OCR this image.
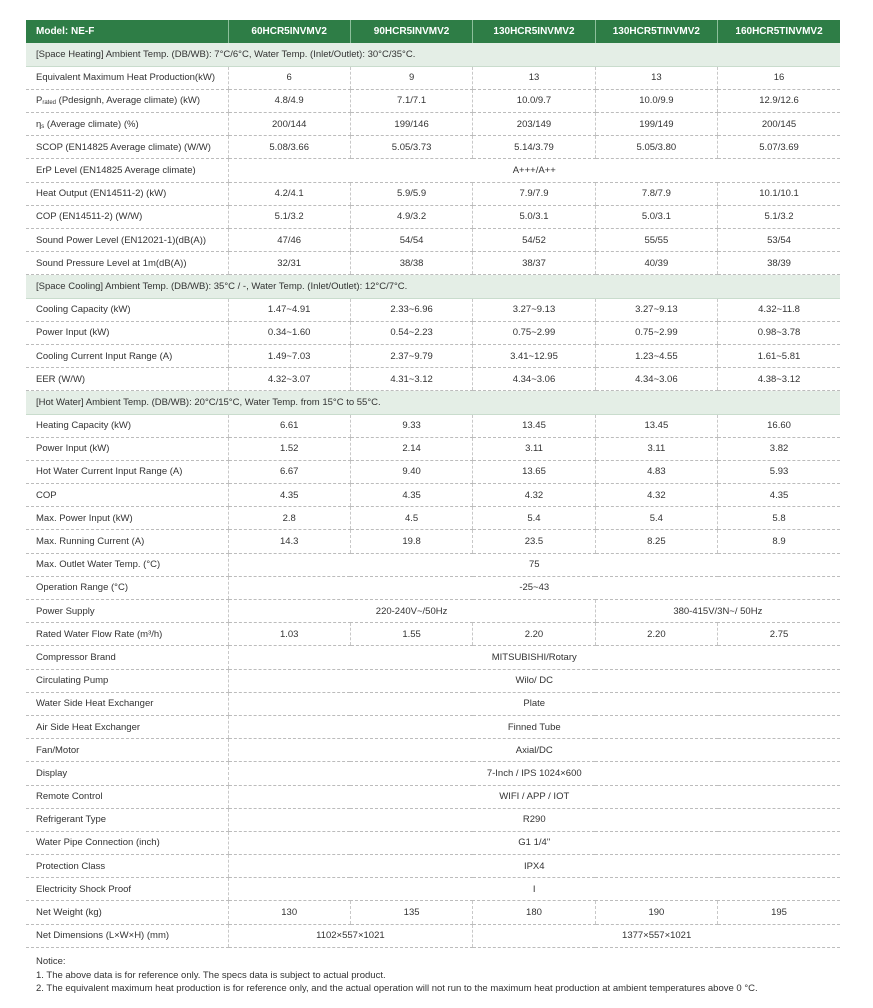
Model: NE-F	60HCR5INVMV2	90HCR5INVMV2	130HCR5INVMV2	130HCR5TINVMV2	160HCR5TINVMV2
[Space Heating] Ambient Temp. (DB/WB): 7°C/6°C, Water Temp. (Inlet/Outlet): 30°C/35°C.					
Equivalent Maximum Heat Production(kW)	6	9	13	13	16
Prated (Pdesignh, Average climate) (kW)	4.8/4.9	7.1/7.1	10.0/9.7	10.0/9.9	12.9/12.6
ηs (Average climate) (%)	200/144	199/146	203/149	199/149	200/145
SCOP (EN14825 Average climate) (W/W)	5.08/3.66	5.05/3.73	5.14/3.79	5.05/3.80	5.07/3.69
ErP Level (EN14825 Average climate)	A+++/A++				
Heat Output (EN14511-2) (kW)	4.2/4.1	5.9/5.9	7.9/7.9	7.8/7.9	10.1/10.1
COP (EN14511-2) (W/W)	5.1/3.2	4.9/3.2	5.0/3.1	5.0/3.1	5.1/3.2
Sound Power Level (EN12021-1)(dB(A))	47/46	54/54	54/52	55/55	53/54
Sound Pressure Level at 1m(dB(A))	32/31	38/38	38/37	40/39	38/39
[Space Cooling] Ambient Temp. (DB/WB): 35°C / -, Water Temp. (Inlet/Outlet): 12°C/7°C.					
Cooling Capacity (kW)	1.47~4.91	2.33~6.96	3.27~9.13	3.27~9.13	4.32~11.8
Power Input (kW)	0.34~1.60	0.54~2.23	0.75~2.99	0.75~2.99	0.98~3.78
Cooling Current Input Range (A)	1.49~7.03	2.37~9.79	3.41~12.95	1.23~4.55	1.61~5.81
EER (W/W)	4.32~3.07	4.31~3.12	4.34~3.06	4.34~3.06	4.38~3.12
[Hot Water] Ambient Temp. (DB/WB): 20°C/15°C, Water Temp. from 15°C to 55°C.					
Heating Capacity (kW)	6.61	9.33	13.45	13.45	16.60
Power Input (kW)	1.52	2.14	3.11	3.11	3.82
Hot Water Current Input Range (A)	6.67	9.40	13.65	4.83	5.93
COP	4.35	4.35	4.32	4.32	4.35
Max. Power Input (kW)	2.8	4.5	5.4	5.4	5.8
Max. Running Current (A)	14.3	19.8	23.5	8.25	8.9
Max. Outlet Water Temp. (°C)	75				
Operation Range (°C)	-25~43				
Power Supply	220-240V~/50Hz			380-415V/3N~/ 50Hz	
Rated Water Flow Rate (m³/h)	1.03	1.55	2.20	2.20	2.75
Compressor Brand	MITSUBISHI/Rotary				
Circulating Pump	Wilo/ DC				
Water Side Heat Exchanger	Plate				
Air Side Heat Exchanger	Finned Tube				
Fan/Motor	Axial/DC				
Display	7-Inch / IPS 1024×600				
Remote Control	WIFI / APP / IOT				
Refrigerant Type	R290				
Water Pipe Connection (inch)	G1 1/4"				
Protection Class	IPX4				
Electricity Shock Proof	I				
Net Weight (kg)	130	135	180	190	195
Net Dimensions (L×W×H) (mm)	1102×557×1021		1377×557×1021		
Notice:
1. The above data is for reference only. The specs data is subject to actual product.
2. The equivalent maximum heat production is for reference only, and the actual operation will not run to the maximum heat production at ambient temperatures above 0 °C.
